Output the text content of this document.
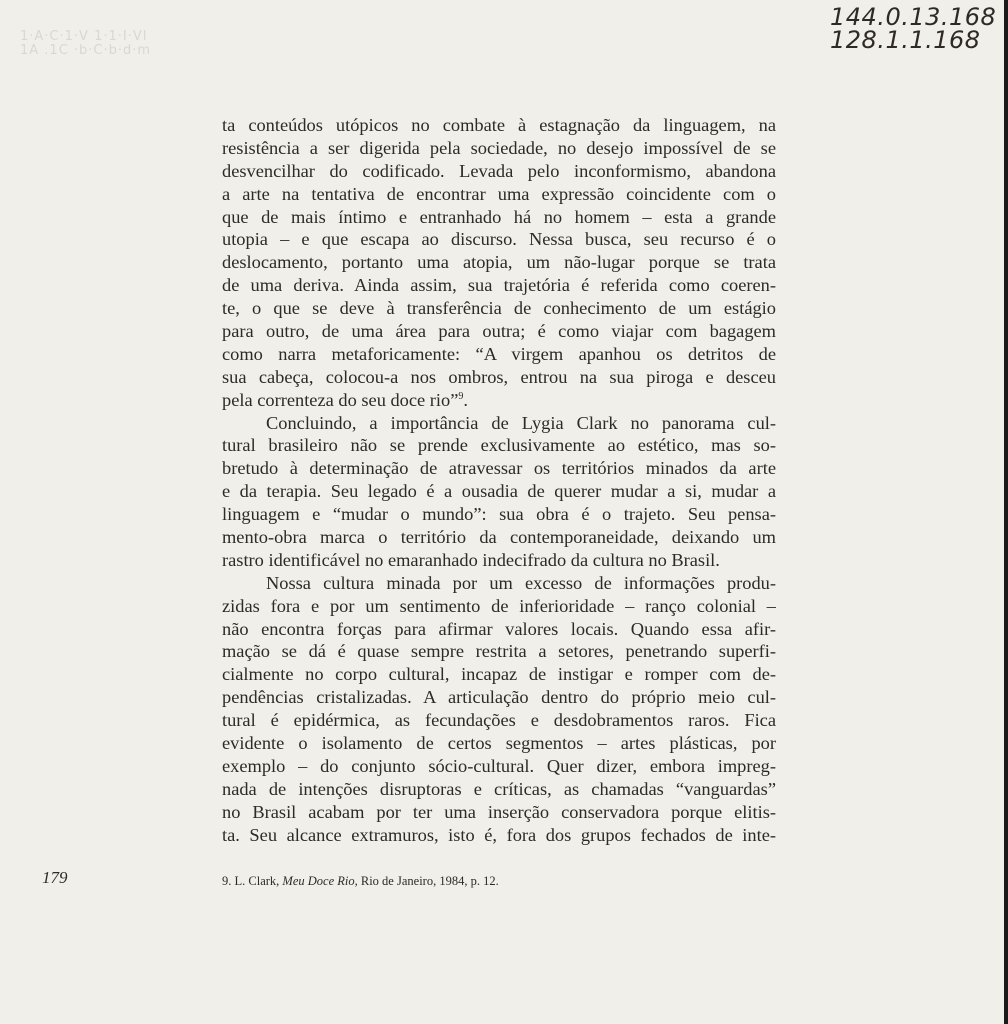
1·A·C·1·V 1·1·I·VI
1A .1C ·b·C·b·d·m
144.0.13.168
128.1.1.168
ta conteúdos utópicos no combate à estagnação da linguagem, na
resistência a ser digerida pela sociedade, no desejo impossível de se
desvencilhar do codificado. Levada pelo inconformismo, abandona
a arte na tentativa de encontrar uma expressão coincidente com o
que de mais íntimo e entranhado há no homem – esta a grande
utopia – e que escapa ao discurso. Nessa busca, seu recurso é o
deslocamento, portanto uma atopia, um não-lugar porque se trata
de uma deriva. Ainda assim, sua trajetória é referida como coeren-
te, o que se deve à transferência de conhecimento de um estágio
para outro, de uma área para outra; é como viajar com bagagem
como narra metaforicamente: “A virgem apanhou os detritos de
sua cabeça, colocou-a nos ombros, entrou na sua piroga e desceu
pela correnteza do seu doce rio”$^9$.
Concluindo, a importância de Lygia Clark no panorama cul-
tural brasileiro não se prende exclusivamente ao estético, mas so-
bretudo à determinação de atravessar os territórios minados da arte
e da terapia. Seu legado é a ousadia de querer mudar a si, mudar a
linguagem e “mudar o mundo”: sua obra é o trajeto. Seu pensa-
mento-obra marca o território da contemporaneidade, deixando um
rastro identificável no emaranhado indecifrado da cultura no Brasil.
Nossa cultura minada por um excesso de informações produ-
zidas fora e por um sentimento de inferioridade – ranço colonial –
não encontra forças para afirmar valores locais. Quando essa afir-
mação se dá é quase sempre restrita a setores, penetrando superfi-
cialmente no corpo cultural, incapaz de instigar e romper com de-
pendências cristalizadas. A articulação dentro do próprio meio cul-
tural é epidérmica, as fecundações e desdobramentos raros. Fica
evidente o isolamento de certos segmentos – artes plásticas, por
exemplo – do conjunto sócio-cultural. Quer dizer, embora impreg-
nada de intenções disruptoras e críticas, as chamadas “vanguardas”
no Brasil acabam por ter uma inserção conservadora porque elitis-
ta. Seu alcance extramuros, isto é, fora dos grupos fechados de inte-
179	9. L. Clark, Meu Doce Rio, Rio de Janeiro, 1984, p. 12.
